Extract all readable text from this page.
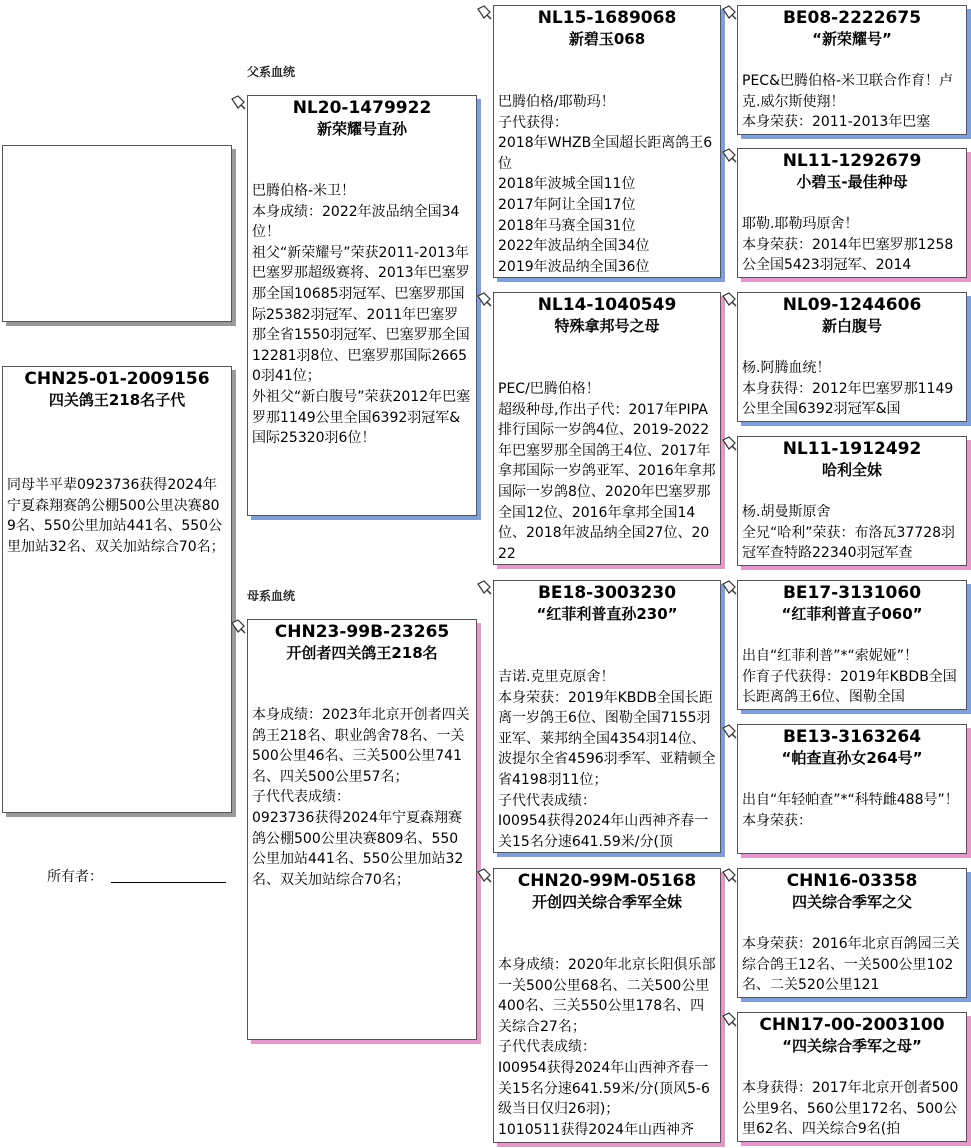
父系血统
母系血统
CHN25-01-2009156
四关鸽王218名子代
同母半平辈0923736获得2024年宁夏森翔赛鸽公棚500公里决赛809名、550公里加站441名、550公里加站32名、双关加站综合70名；
所有者：
NL20-1479922
新荣耀号直孙
巴腾伯格-米卫！
本身成绩：2022年波品纳全国34位！
祖父“新荣耀号”荣获2011-2013年巴塞罗那超级赛将、2013年巴塞罗那全国10685羽冠军、巴塞罗那国际25382羽冠军、2011年巴塞罗那全省1550羽冠军、巴塞罗那全国12281羽8位、巴塞罗那国际26650羽41位；
外祖父“新白腹号”荣获2012年巴塞罗那1149公里全国6392羽冠军&国际25320羽6位！
CHN23-99B-23265
开创者四关鸽王218名
本身成绩：2023年北京开创者四关鸽王218名、职业鸽舍78名、一关500公里46名、三关500公里741名、四关500公里57名；
子代代表成绩：
0923736获得2024年宁夏森翔赛鸽公棚500公里决赛809名、550公里加站441名、550公里加站32名、双关加站综合70名；
NL15-1689068
新碧玉068
巴腾伯格/耶勒玛！
子代获得：
2018年WHZB全国超长距离鸽王6位
2018年波城全国11位
2017年阿让全国17位
2018年马赛全国31位
2022年波品纳全国34位
2019年波品纳全国36位
NL14-1040549
特殊拿邦号之母
PEC/巴腾伯格！
超级种母,作出子代：2017年PIPA排行国际一岁鸽4位、2019-2022年巴塞罗那全国鸽王4位、2017年拿邦国际一岁鸽亚军、2016年拿邦国际一岁鸽8位、2020年巴塞罗那全国12位、2016年拿邦全国14位、2018年波品纳全国27位、2022
BE18-3003230
“红菲利普直孙230”
吉诺.克里克原舍！
本身荣获：2019年KBDB全国长距离一岁鸽王6位、图勒全国7155羽亚军、莱邦纳全国4354羽14位、波提尔全省4596羽季军、亚精顿全省4198羽11位；
子代代表成绩：
I00954获得2024年山西神齐春一关15名分速641.59米/分(顶
CHN20-99M-05168
开创四关综合季军全妹
本身成绩：2020年北京长阳俱乐部一关500公里68名、二关500公里400名、三关550公里178名、四关综合27名；
子代代表成绩：
I00954获得2024年山西神齐春一关15名分速641.59米/分(顶风5-6级当日仅归26羽)；
1010511获得2024年山西神齐
BE08-2222675
“新荣耀号”
PEC&巴腾伯格-米卫联合作育！卢克.威尔斯使翔！
本身荣获：2011-2013年巴塞
NL11-1292679
小碧玉-最佳种母
耶勒.耶勒玛原舍！
本身荣获：2014年巴塞罗那1258公全国5423羽冠军、2014
NL09-1244606
新白腹号
杨.阿腾血统！
本身获得：2012年巴塞罗那1149公里全国6392羽冠军&国
NL11-1912492
哈利全妹
杨.胡曼斯原舍
全兄“哈利”荣获：布洛瓦37728羽冠军查特路22340羽冠军查
BE17-3131060
“红菲利普直子060”
出自“红菲利普”*“索妮娅”！
作育子代获得：2019年KBDB全国长距离鸽王6位、图勒全国
BE13-3163264
“帕查直孙女264号”
出自“年轻帕查”*“科特雌488号”！
本身荣获：
CHN16-03358
四关综合季军之父
本身荣获：2016年北京百鸽园三关综合鸽王12名、一关500公里102名、二关520公里121
CHN17-00-2003100
“四关综合季军之母”
本身获得：2017年北京开创者500公里9名、560公里172名、500公里62名、四关综合9名(拍
